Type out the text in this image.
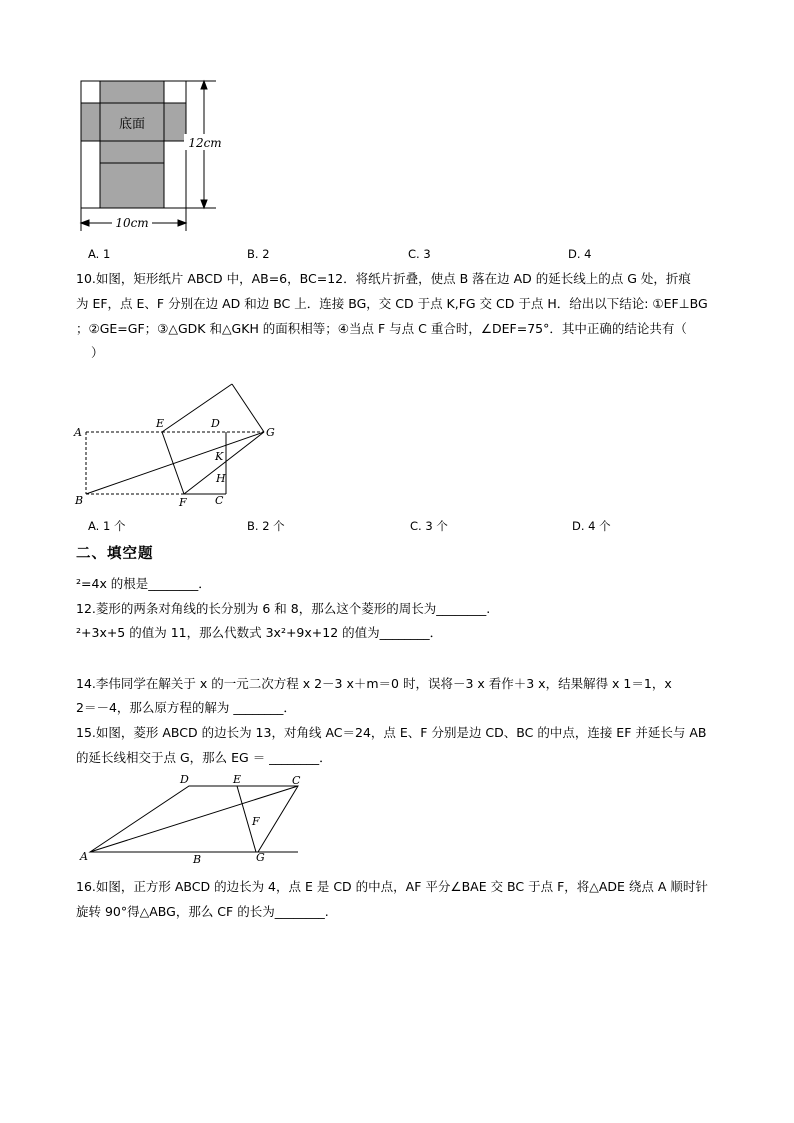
底面
12cm
10cm
A. 1	B. 2	C. 3	D. 4
10.如图，矩形纸片 ABCD 中，AB=6，BC=12．将纸片折叠，使点 B 落在边 AD 的延长线上的点 G 处，折痕
为 EF，点 E、F 分别在边 AD 和边 BC 上．连接 BG，交 CD 于点 K,FG 交 CD 于点 H．给出以下结论: ①EF⊥BG
；②GE=GF；③△GDK 和△GKH 的面积相等；④当点 F 与点 C 重合时，∠DEF=75°．其中正确的结论共有（
）
A
E	D
G
K
H
B	F	C
A. 1 个	B. 2 个	C. 3 个	D. 4 个
二、填空题
²=4x 的根是________．
12.菱形的两条对角线的长分别为 6 和 8，那么这个菱形的周长为________.
²+3x+5 的值为 11，那么代数式 3x²+9x+12 的值为________．
14.李伟同学在解关于 x 的一元二次方程 x 2－3 x＋m＝0 时，误将－3 x 看作＋3 x，结果解得 x 1＝1，x
2＝－4，那么原方程的解为 ________．
15.如图，菱形 ABCD 的边长为 13，对角线 AC＝24，点 E、F 分别是边 CD、BC 的中点，连接 EF 并延长与 AB
的延长线相交于点 G，那么 EG ＝ ________．
D	E	C
F
A	B	G
16.如图，正方形 ABCD 的边长为 4，点 E 是 CD 的中点，AF 平分∠BAE 交 BC 于点 F，将△ADE 绕点 A 顺时针
旋转 90°得△ABG，那么 CF 的长为________.
